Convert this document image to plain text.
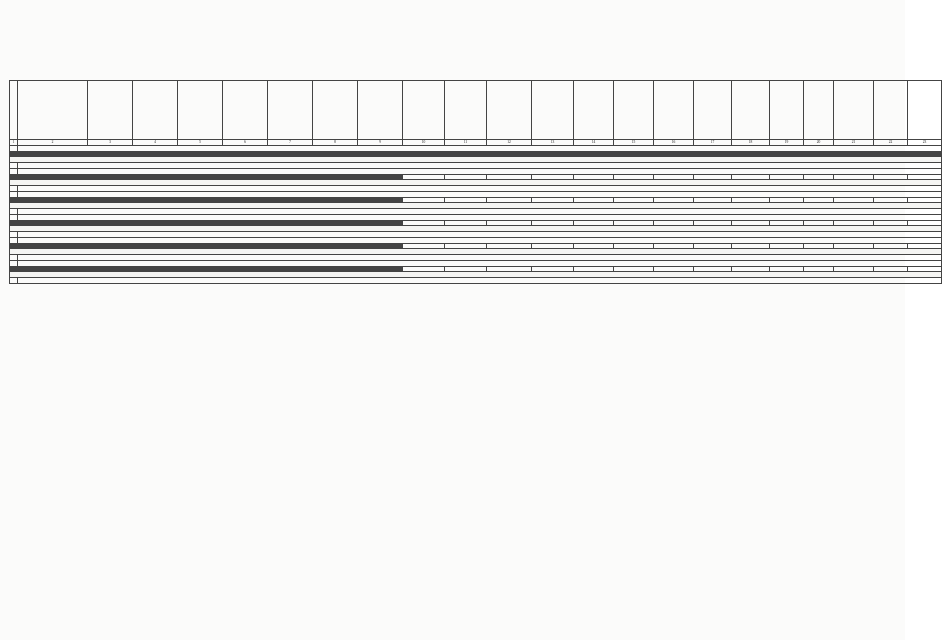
1	2	3	4	5	6	7	8	9	10	11	12	13	14	15	16	17	18	19	20	21	22	23
